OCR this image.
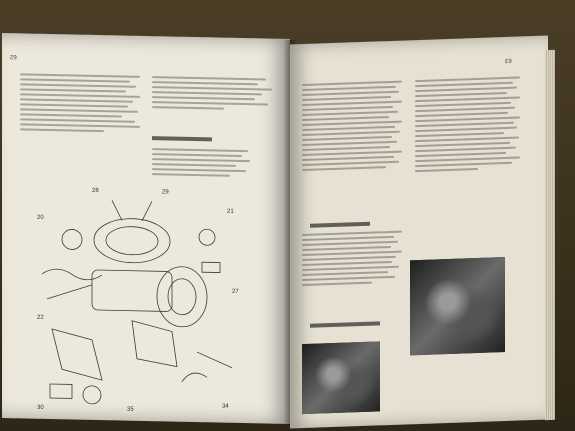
62
20
21
22
27
28	29
30	34
35
63
